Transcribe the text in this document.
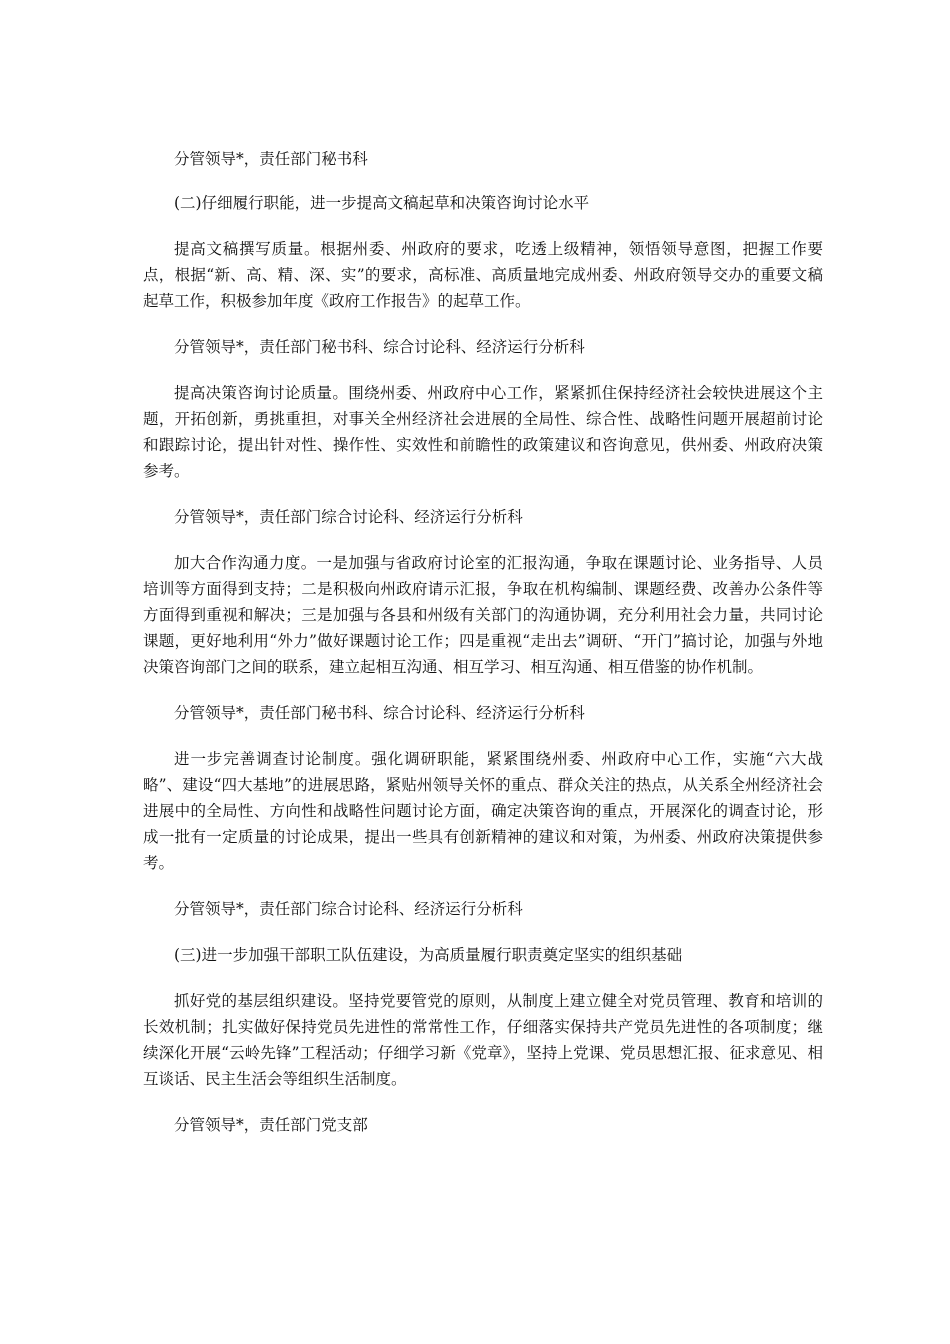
分管领导*，责任部门秘书科

(二)仔细履行职能，进一步提高文稿起草和决策咨询讨论水平

提高文稿撰写质量。根据州委、州政府的要求，吃透上级精神，领悟领导意图，把握工作要点，根据“新、高、精、深、实”的要求，高标准、高质量地完成州委、州政府领导交办的重要文稿起草工作，积极参加年度《政府工作报告》的起草工作。

分管领导*，责任部门秘书科、综合讨论科、经济运行分析科

提高决策咨询讨论质量。围绕州委、州政府中心工作，紧紧抓住保持经济社会较快进展这个主题，开拓创新，勇挑重担，对事关全州经济社会进展的全局性、综合性、战略性问题开展超前讨论和跟踪讨论，提出针对性、操作性、实效性和前瞻性的政策建议和咨询意见，供州委、州政府决策参考。

分管领导*，责任部门综合讨论科、经济运行分析科

加大合作沟通力度。一是加强与省政府讨论室的汇报沟通，争取在课题讨论、业务指导、人员培训等方面得到支持；二是积极向州政府请示汇报，争取在机构编制、课题经费、改善办公条件等方面得到重视和解决；三是加强与各县和州级有关部门的沟通协调，充分利用社会力量，共同讨论课题，更好地利用“外力”做好课题讨论工作；四是重视“走出去”调研、“开门”搞讨论，加强与外地决策咨询部门之间的联系，建立起相互沟通、相互学习、相互沟通、相互借鉴的协作机制。

分管领导*，责任部门秘书科、综合讨论科、经济运行分析科

进一步完善调查讨论制度。强化调研职能，紧紧围绕州委、州政府中心工作，实施“六大战略”、建设“四大基地”的进展思路，紧贴州领导关怀的重点、群众关注的热点，从关系全州经济社会进展中的全局性、方向性和战略性问题讨论方面，确定决策咨询的重点，开展深化的调查讨论，形成一批有一定质量的讨论成果，提出一些具有创新精神的建议和对策，为州委、州政府决策提供参考。

分管领导*，责任部门综合讨论科、经济运行分析科

(三)进一步加强干部职工队伍建设，为高质量履行职责奠定坚实的组织基础

抓好党的基层组织建设。坚持党要管党的原则，从制度上建立健全对党员管理、教育和培训的长效机制；扎实做好保持党员先进性的常常性工作，仔细落实保持共产党员先进性的各项制度；继续深化开展“云岭先锋”工程活动；仔细学习新《党章》，坚持上党课、党员思想汇报、征求意见、相互谈话、民主生活会等组织生活制度。

分管领导*，责任部门党支部
